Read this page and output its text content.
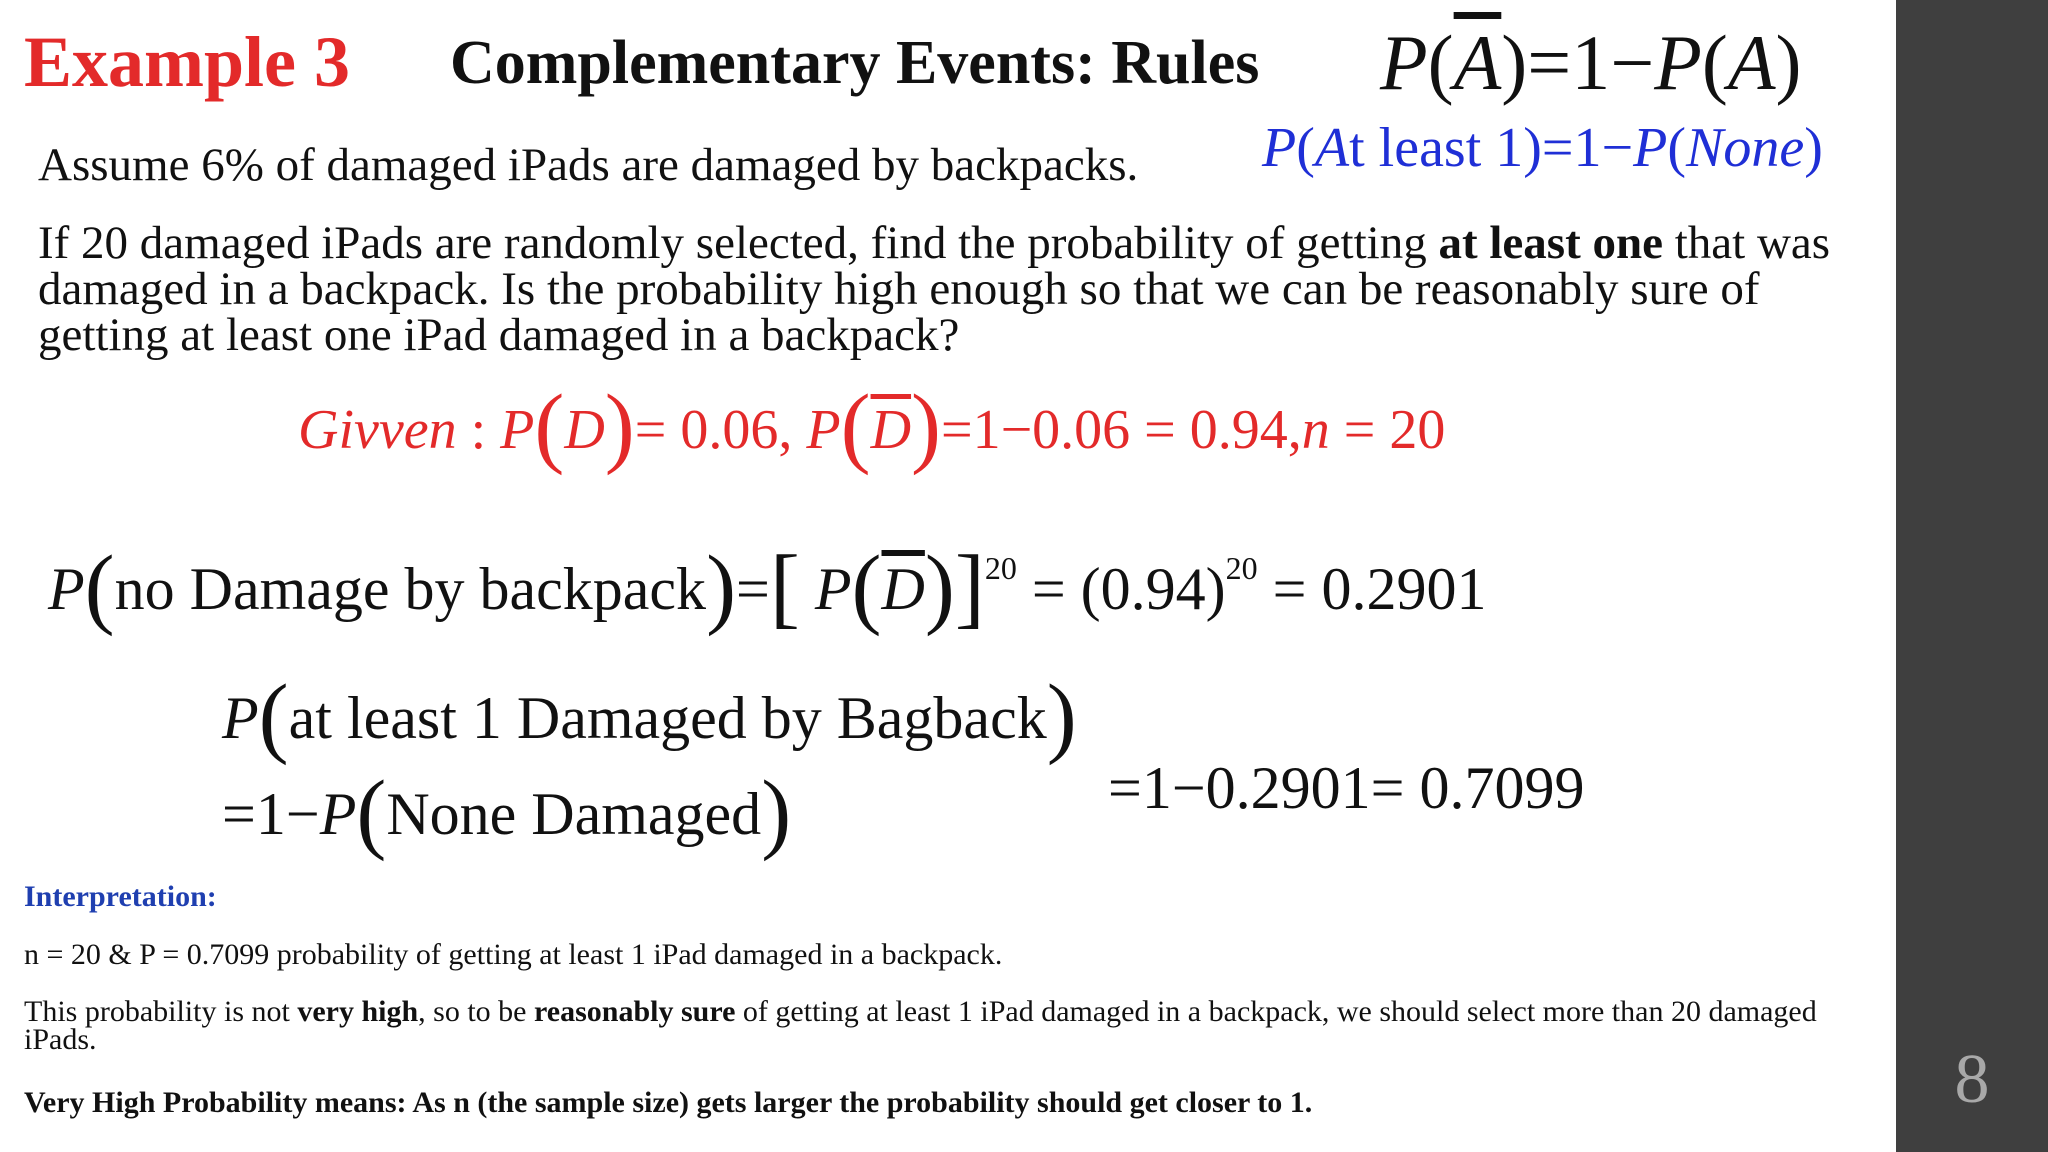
Example 3 Complementary Events: Rules $P(\overline{A})=1-P(A)$
P(At least 1)=1−P(None)
Assume 6% of damaged iPads are damaged by backpacks.
If 20 damaged iPads are randomly selected, find the probability of getting at least one that was damaged in a backpack. Is the probability high enough so that we can be reasonably sure of getting at least one iPad damaged in a backpack?
Givven : P(D)= 0.06, $P(\overline{D})=1-0.06 = 0.94,n = 20$
P(no Damage by backpack)=[ $P(\overline{D})]^{20} = (0.94)^{20} = 0.2901$
P(at least 1 Damaged by Bagback)
=1−P(None Damaged)	=1−0.2901= 0.7099
Interpretation:
n = 20 & P = 0.7099 probability of getting at least 1 iPad damaged in a backpack.
This probability is not very high, so to be reasonably sure of getting at least 1 iPad damaged in a backpack, we should select more than 20 damaged iPads.
Very High Probability means: As n (the sample size) gets larger the probability should get closer to 1.	8
